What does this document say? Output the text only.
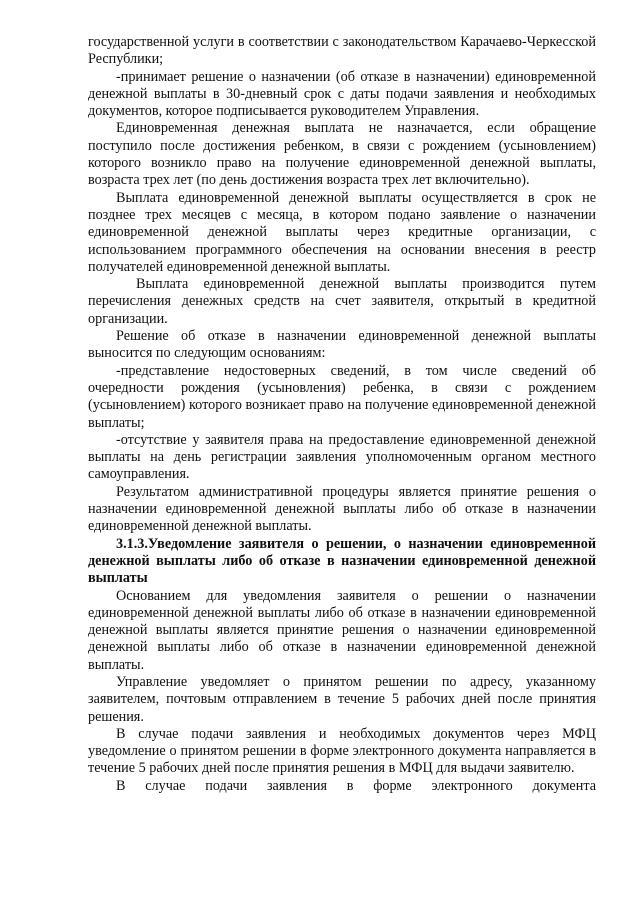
государственной услуги в соответствии с законодательством Карачаево-Черкесской Республики;

-принимает решение о назначении (об отказе в назначении) единовременной денежной выплаты в 30-дневный срок с даты подачи заявления и необходимых документов, которое подписывается руководителем Управления.

Единовременная денежная выплата не назначается, если обращение поступило после достижения ребенком, в связи с рождением (усыновлением) которого возникло право на получение единовременной денежной выплаты, возраста трех лет (по день достижения возраста трех лет включительно).

Выплата единовременной денежной выплаты осуществляется в срок не позднее трех месяцев с месяца, в котором подано заявление о назначении единовременной денежной выплаты через кредитные организации, с использованием программного обеспечения на основании внесения в реестр получателей единовременной денежной выплаты.

Выплата единовременной денежной выплаты производится путем перечисления денежных средств на счет заявителя, открытый в кредитной организации.

Решение об отказе в назначении единовременной денежной выплаты выносится по следующим основаниям:

-представление недостоверных сведений, в том числе сведений об очередности рождения (усыновления) ребенка, в связи с рождением (усыновлением) которого возникает право на получение единовременной денежной выплаты;

-отсутствие у заявителя права на предоставление единовременной денежной выплаты на день регистрации заявления уполномоченным органом местного самоуправления.

Результатом административной процедуры является принятие решения о назначении единовременной денежной выплаты либо об отказе в назначении единовременной денежной выплаты.

3.1.3.Уведомление заявителя о решении, о назначении единовременной денежной выплаты либо об отказе в назначении единовременной денежной выплаты

Основанием для уведомления заявителя о решении о назначении единовременной денежной выплаты либо об отказе в назначении единовременной денежной выплаты является принятие решения о назначении единовременной денежной выплаты либо об отказе в назначении единовременной денежной выплаты.

Управление уведомляет о принятом решении по адресу, указанному заявителем, почтовым отправлением в течение 5 рабочих дней после принятия решения.

В случае подачи заявления и необходимых документов через МФЦ уведомление о принятом решении в форме электронного документа направляется в течение 5 рабочих дней после принятия решения в МФЦ для выдачи заявителю.

В случае подачи заявления в форме электронного документа
